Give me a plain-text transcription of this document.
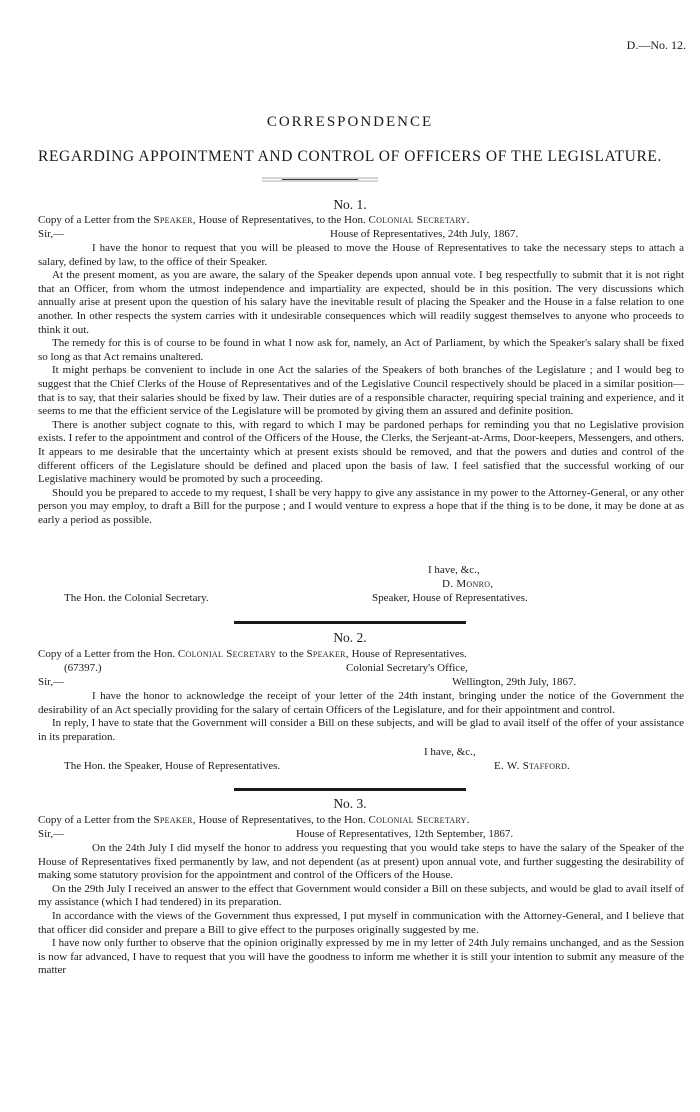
D.—No. 12.
CORRESPONDENCE
REGARDING APPOINTMENT AND CONTROL OF OFFICERS OF THE LEGISLATURE.
No. 1.
Copy of a Letter from the Speaker, House of Representatives, to the Hon. Colonial Secretary.
Sir,—	House of Representatives, 24th July, 1867.

I have the honor to request that you will be pleased to move the House of Representatives to take the necessary steps to attach a salary, defined by law, to the office of their Speaker.

At the present moment, as you are aware, the salary of the Speaker depends upon annual vote. I beg respectfully to submit that it is not right that an Officer, from whom the utmost independence and impartiality are expected, should be in this position. The very discussions which annually arise at present upon the question of his salary have the inevitable result of placing the Speaker and the House in a false relation to one another. In other respects the system carries with it undesirable consequences which will readily suggest themselves to anyone who proceeds to think it out.

The remedy for this is of course to be found in what I now ask for, namely, an Act of Parliament, by which the Speaker's salary shall be fixed so long as that Act remains unaltered.

It might perhaps be convenient to include in one Act the salaries of the Speakers of both branches of the Legislature ; and I would beg to suggest that the Chief Clerks of the House of Representatives and of the Legislative Council respectively should be placed in a similar position—that is to say, that their salaries should be fixed by law. Their duties are of a responsible character, requiring special training and experience, and it seems to me that the efficient service of the Legislature will be promoted by giving them an assured and definite position.

There is another subject cognate to this, with regard to which I may be pardoned perhaps for reminding you that no Legislative provision exists. I refer to the appointment and control of the Officers of the House, the Clerks, the Serjeant-at-Arms, Door-keepers, Messengers, and others. It appears to me desirable that the uncertainty which at present exists should be removed, and that the powers and duties and control of the different officers of the Legislature should be defined and placed upon the basis of law. I feel satisfied that the successful working of our Legislative machinery would be promoted by such a proceeding.

Should you be prepared to accede to my request, I shall be very happy to give any assistance in my power to the Attorney-General, or any other person you may employ, to draft a Bill for the purpose ; and I would venture to express a hope that if the thing is to be done, it may be done at as early a period as possible.

I have, &c.,
D. Monro,
The Hon. the Colonial Secretary.	Speaker, House of Representatives.
No. 2.
Copy of a Letter from the Hon. Colonial Secretary to the Speaker, House of Representatives.
(67397.)	Colonial Secretary's Office,
Sir,—	Wellington, 29th July, 1867.

I have the honor to acknowledge the receipt of your letter of the 24th instant, bringing under the notice of the Government the desirability of an Act specially providing for the salary of certain Officers of the Legislature, and for their appointment and control.

In reply, I have to state that the Government will consider a Bill on these subjects, and will be glad to avail itself of the offer of your assistance in its preparation.

I have, &c.,
The Hon. the Speaker, House of Representatives.	E. W. Stafford.
No. 3.
Copy of a Letter from the Speaker, House of Representatives, to the Hon. Colonial Secretary.
Sir,—	House of Representatives, 12th September, 1867.

On the 24th July I did myself the honor to address you requesting that you would take steps to have the salary of the Speaker of the House of Representatives fixed permanently by law, and not dependent (as at present) upon annual vote, and further suggesting the desirability of making some statutory provision for the appointment and control of the Officers of the House.

On the 29th July I received an answer to the effect that Government would consider a Bill on these subjects, and would be glad to avail itself of my assistance (which I had tendered) in its preparation.

In accordance with the views of the Government thus expressed, I put myself in communication with the Attorney-General, and I believe that that officer did consider and prepare a Bill to give effect to the purposes originally suggested by me.

I have now only further to observe that the opinion originally expressed by me in my letter of 24th July remains unchanged, and as the Session is now far advanced, I have to request that you will have the goodness to inform me whether it is still your intention to submit any measure of the matter
